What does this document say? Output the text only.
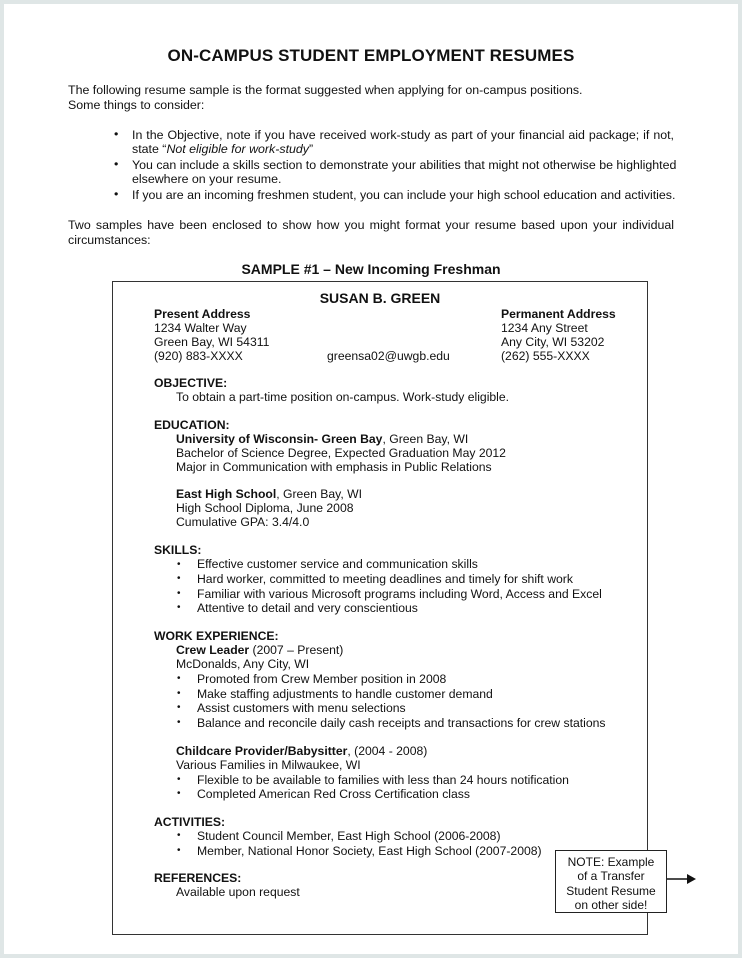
ON-CAMPUS STUDENT EMPLOYMENT RESUMES
The following resume sample is the format suggested when applying for on-campus positions.
Some things to consider:
• In the Objective, note if you have received work-study as part of your financial aid package; if not,
state “Not eligible for work-study”
• You can include a skills section to demonstrate your abilities that might not otherwise be highlighted
elsewhere on your resume.
• If you are an incoming freshmen student, you can include your high school education and activities.
Two samples have been enclosed to show how you might format your resume based upon your individual
circumstances:
SAMPLE #1 – New Incoming Freshman
SUSAN B. GREEN
Present Address
1234 Walter Way
Green Bay, WI 54311
(920) 883-XXXX	greensa02@uwgb.edu
Permanent Address
1234 Any Street
Any City, WI 53202
(262) 555-XXXX
OBJECTIVE:
To obtain a part-time position on-campus. Work-study eligible.
EDUCATION:
University of Wisconsin- Green Bay, Green Bay, WI
Bachelor of Science Degree, Expected Graduation May 2012
Major in Communication with emphasis in Public Relations
East High School, Green Bay, WI
High School Diploma, June 2008
Cumulative GPA: 3.4/4.0
SKILLS:
• Effective customer service and communication skills
• Hard worker, committed to meeting deadlines and timely for shift work
• Familiar with various Microsoft programs including Word, Access and Excel
• Attentive to detail and very conscientious
WORK EXPERIENCE:
Crew Leader (2007 – Present)
McDonalds, Any City, WI
• Promoted from Crew Member position in 2008
• Make staffing adjustments to handle customer demand
• Assist customers with menu selections
• Balance and reconcile daily cash receipts and transactions for crew stations
Childcare Provider/Babysitter, (2004 - 2008)
Various Families in Milwaukee, WI
• Flexible to be available to families with less than 24 hours notification
• Completed American Red Cross Certification class
ACTIVITIES:
• Student Council Member, East High School (2006-2008)
• Member, National Honor Society, East High School (2007-2008)
REFERENCES:
Available upon request
NOTE: Example
of a Transfer
Student Resume
on other side!
